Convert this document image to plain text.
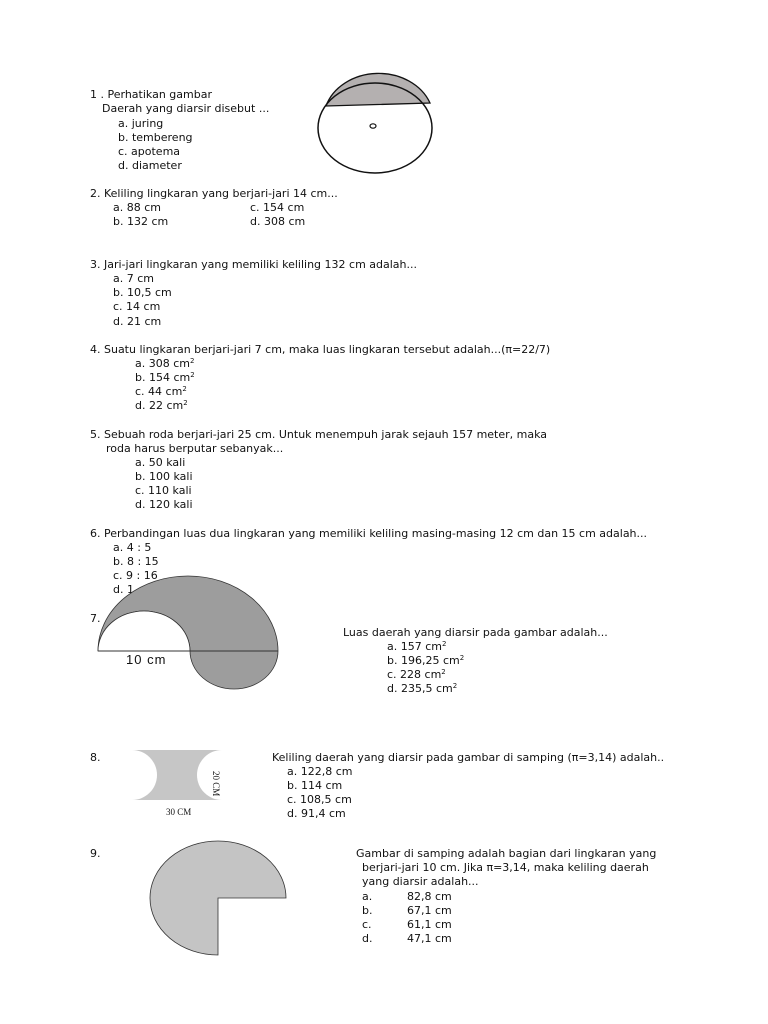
1 . Perhatikan gambar
Daerah yang diarsir disebut ...
a. juring
b. tembereng
c. apotema
d. diameter
2. Keliling lingkaran yang berjari-jari 14 cm...
a. 88 cm	c. 154 cm
b. 132 cm	d. 308 cm
3. Jari-jari lingkaran yang memiliki keliling 132 cm adalah...
a. 7 cm
b. 10,5 cm
c. 14 cm
d. 21 cm
4. Suatu lingkaran berjari-jari 7 cm, maka luas lingkaran tersebut adalah...(π=22/7)
a. 308 $cm^2$
b. 154 $cm^2$
c. 44 $cm^2$
d. 22 $cm^2$
5. Sebuah roda berjari-jari 25 cm. Untuk menempuh jarak sejauh 157 meter, maka
roda harus berputar sebanyak...
a. 50 kali
b. 100 kali
c. 110 kali
d. 120 kali
6. Perbandingan luas dua lingkaran yang memiliki keliling masing-masing 12 cm dan 15 cm adalah...
a. 4 : 5
b. 8 : 15
c. 9 : 16
d. 1
7.
10 cm
Luas daerah yang diarsir pada gambar adalah...
a. 157 $cm^2$
b. 196,25 $cm^2$
c. 228 $cm^2$
d. 235,5 $cm^2$
8.
30 CM
20 CM
Keliling daerah yang diarsir pada gambar di samping (π=3,14) adalah..
a. 122,8 cm
b. 114 cm
c. 108,5 cm
d. 91,4 cm
9.	Gambar di samping adalah bagian dari lingkaran yang
berjari-jari 10 cm. Jika π=3,14, maka keliling daerah
yang diarsir adalah...
a.	82,8 cm
b.	67,1 cm
c.	61,1 cm
d.	47,1 cm
